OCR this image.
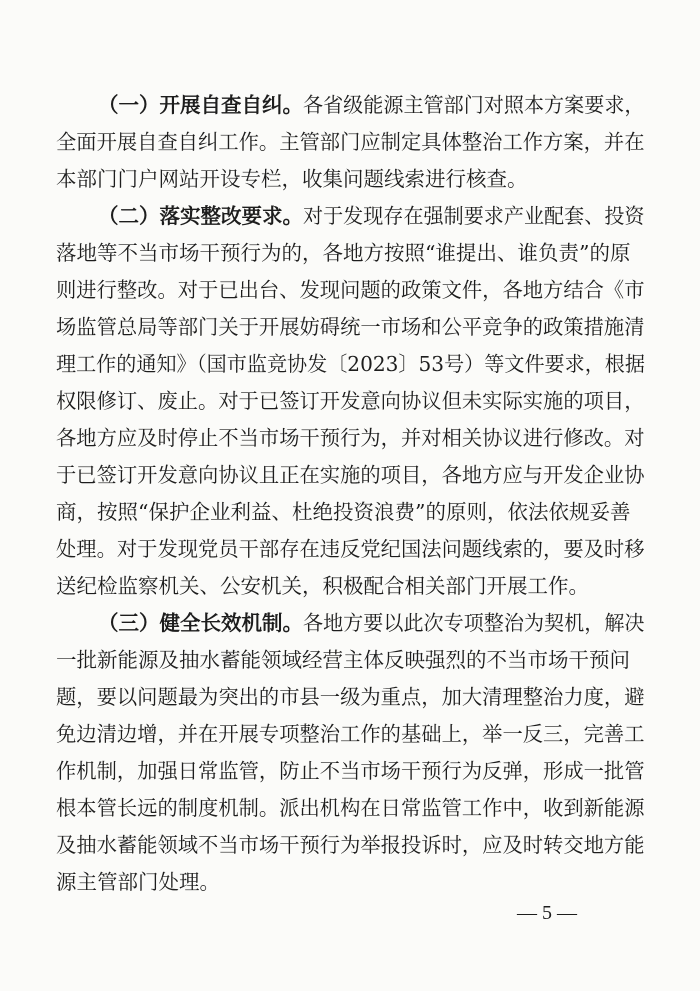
（一）开展自查自纠。 各省级能源主管部门对照本方案要求，
全面开展自查自纠工作。主管部门应制定具体整治工作方案，并在
本部门门户网站开设专栏，收集问题线索进行核查。
（二）落实整改要求。 对于发现存在强制要求产业配套、投资
落地等不当市场干预行为的，各地方按照“谁提出、谁负责”的原
则进行整改。对于已出台、发现问题的政策文件，各地方结合《市
场监管总局等部门关于开展妨碍统一市场和公平竞争的政策措施清
理工作的通知》（国市监竞协发〔2023〕53号）等文件要求，根据
权限修订、废止。对于已签订开发意向协议但未实际实施的项目，
各地方应及时停止不当市场干预行为，并对相关协议进行修改。对
于已签订开发意向协议且正在实施的项目，各地方应与开发企业协
商，按照“保护企业利益、杜绝投资浪费”的原则，依法依规妥善
处理。对于发现党员干部存在违反党纪国法问题线索的，要及时移
送纪检监察机关、公安机关，积极配合相关部门开展工作。
（三）健全长效机制。 各地方要以此次专项整治为契机，解决
一批新能源及抽水蓄能领域经营主体反映强烈的不当市场干预问
题，要以问题最为突出的市县一级为重点，加大清理整治力度，避
免边清边增，并在开展专项整治工作的基础上，举一反三，完善工
作机制，加强日常监管，防止不当市场干预行为反弹，形成一批管
根本管长远的制度机制。派出机构在日常监管工作中，收到新能源
及抽水蓄能领域不当市场干预行为举报投诉时，应及时转交地方能
源主管部门处理。
— 5 —
